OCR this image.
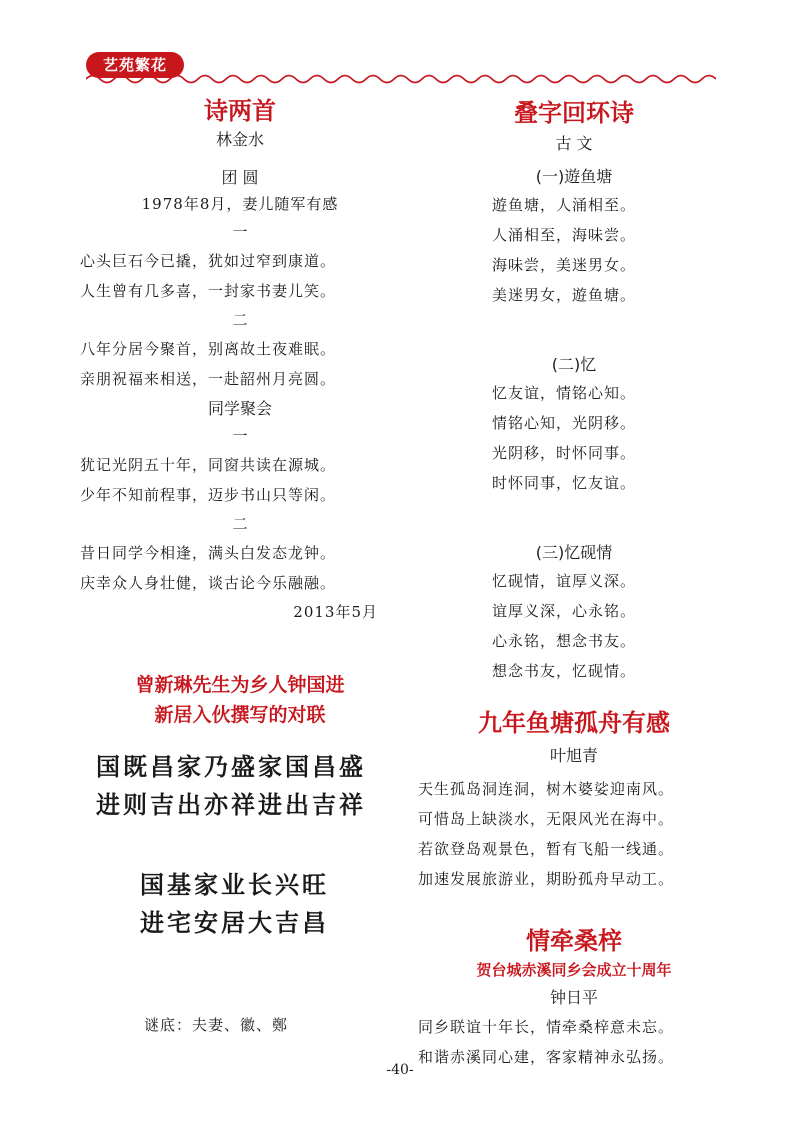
艺苑繁花
诗两首
林金水
团 圆
1978年8月，妻儿随军有感
一
心头巨石今已撬，犹如过窄到康道。
人生曾有几多喜，一封家书妻儿笑。
二
八年分居今聚首，别离故土夜难眠。
亲朋祝福来相送，一赴韶州月亮圆。
同学聚会
一
犹记光阴五十年，同窗共读在源城。
少年不知前程事，迈步书山只等闲。
二
昔日同学今相逢，满头白发态龙钟。
庆幸众人身壮健，谈古论今乐融融。
2013年5月
曾新琳先生为乡人钟国进
新居入伙撰写的对联
国既昌家乃盛家国昌盛
进则吉出亦祥进出吉祥
国基家业长兴旺
进宅安居大吉昌
谜底：夫妻、徽、鄭
叠字回环诗
古 文
(一)遊鱼塘
遊鱼塘，人涌相至。
人涌相至，海味尝。
海味尝，美迷男女。
美迷男女，遊鱼塘。
(二)忆
忆友谊，情铭心知。
情铭心知，光阴移。
光阴移，时怀同事。
时怀同事，忆友谊。
(三)忆砚情
忆砚情，谊厚义深。
谊厚义深，心永铭。
心永铭，想念书友。
想念书友，忆砚情。
九年鱼塘孤舟有感
叶旭青
天生孤岛洞连洞，树木婆娑迎南风。
可惜岛上缺淡水，无限风光在海中。
若欲登岛观景色，暂有飞船一线通。
加速发展旅游业，期盼孤舟早动工。
情牵桑梓
贺台城赤溪同乡会成立十周年
钟日平
同乡联谊十年长，情牵桑梓意未忘。
和谐赤溪同心建，客家精神永弘扬。
-40-
